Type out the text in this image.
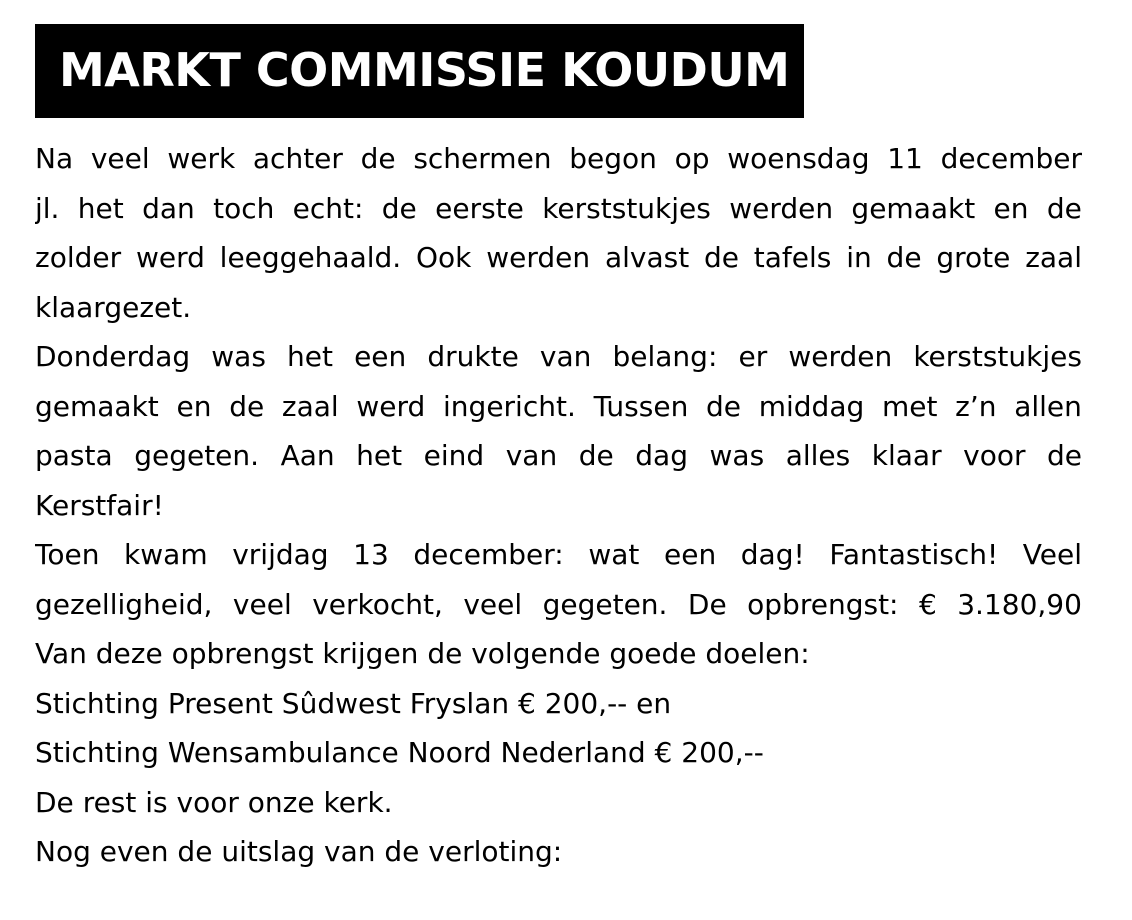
MARKT COMMISSIE KOUDUM
Na veel werk achter de schermen begon op woensdag 11 december
jl. het dan toch echt: de eerste kerststukjes werden gemaakt en de
zolder werd leeggehaald. Ook werden alvast de tafels in de grote zaal
klaargezet.
Donderdag was het een drukte van belang: er werden kerststukjes
gemaakt en de zaal werd ingericht. Tussen de middag met z’n allen
pasta gegeten. Aan het eind van de dag was alles klaar voor de
Kerstfair!
Toen kwam vrijdag 13 december: wat een dag! Fantastisch! Veel
gezelligheid, veel verkocht, veel gegeten. De opbrengst: € 3.180,90
Van deze opbrengst krijgen de volgende goede doelen:
Stichting Present Sûdwest Fryslan € 200,-- en
Stichting Wensambulance Noord Nederland € 200,--
De rest is voor onze kerk.
Nog even de uitslag van de verloting:
